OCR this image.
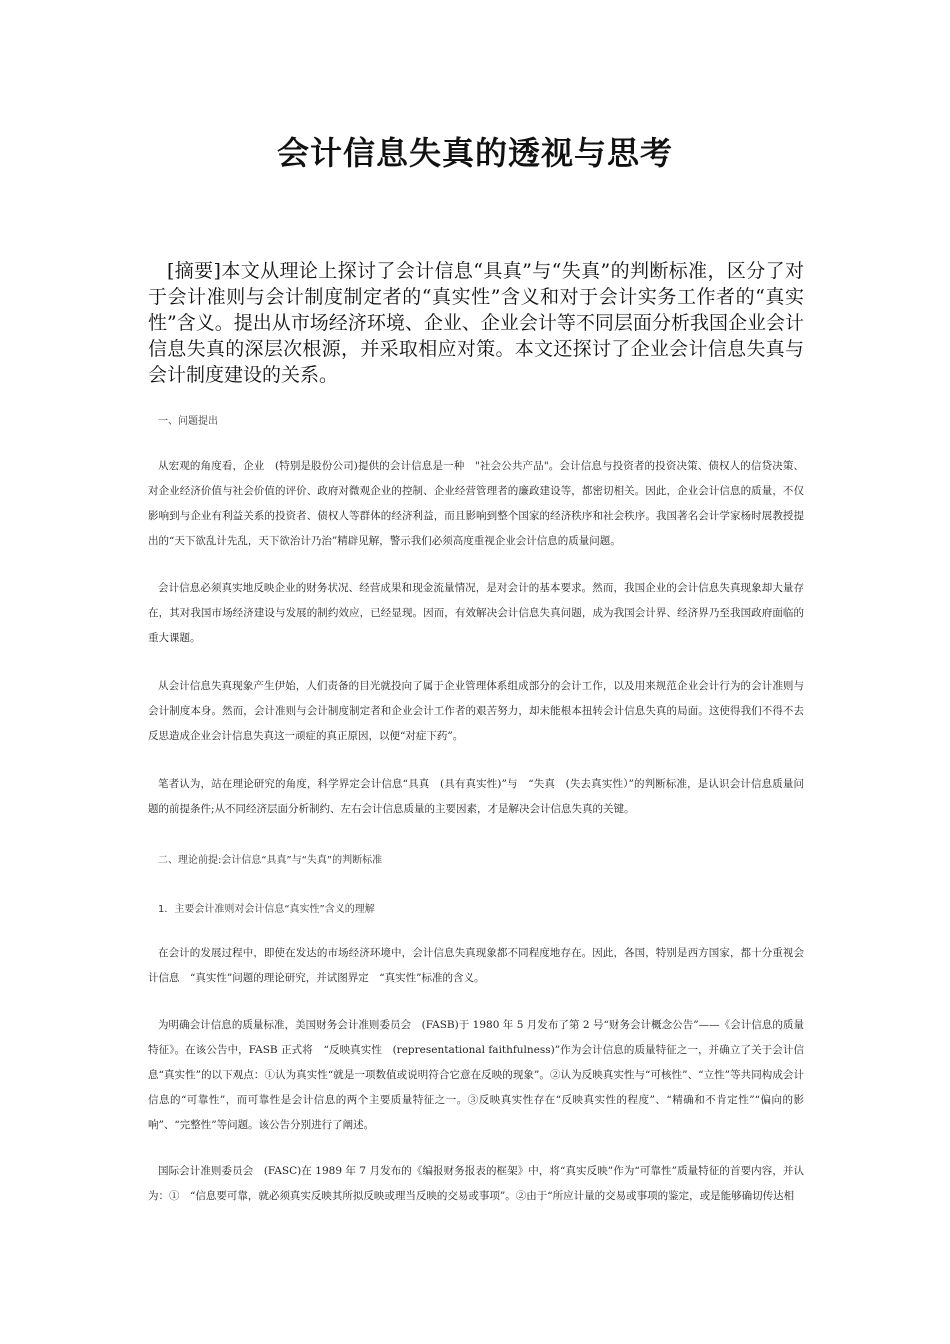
会计信息失真的透视与思考
[摘要]本文从理论上探讨了会计信息“具真”与“失真”的判断标准，区分了对于会计准则与会计制度制定者的“真实性”含义和对于会计实务工作者的“真实性”含义。提出从市场经济环境、企业、企业会计等不同层面分析我国企业会计信息失真的深层次根源，并采取相应对策。本文还探讨了企业会计信息失真与会计制度建设的关系。
一、问题提出
从宏观的角度看，企业　(特别是股份公司)提供的会计信息是一种　"社会公共产品"。会计信息与投资者的投资决策、债权人的信贷决策、对企业经济价值与社会价值的评价、政府对微观企业的控制、企业经营管理者的廉政建设等，都密切相关。因此，企业会计信息的质量，不仅影响到与企业有利益关系的投资者、债权人等群体的经济利益，而且影响到整个国家的经济秩序和社会秩序。我国著名会计学家杨时展教授提出的“天下欲乱计先乱，天下欲治计乃治”精辟见解，警示我们必须高度重视企业会计信息的质量问题。
会计信息必须真实地反映企业的财务状况、经营成果和现金流量情况，是对会计的基本要求。然而，我国企业的会计信息失真现象却大量存在，其对我国市场经济建设与发展的制约效应，已经显现。因而，有效解决会计信息失真问题，成为我国会计界、经济界乃至我国政府面临的重大课题。
从会计信息失真现象产生伊始，人们责备的目光就投向了属于企业管理体系组成部分的会计工作，以及用来规范企业会计行为的会计准则与会计制度本身。然而，会计准则与会计制度制定者和企业会计工作者的艰苦努力，却未能根本扭转会计信息失真的局面。这使得我们不得不去反思造成企业会计信息失真这一顽症的真正原因，以便“对症下药”。
笔者认为，站在理论研究的角度，科学界定会计信息“具真　(具有真实性)”与　“失真　(失去真实性）”的判断标准，是认识会计信息质量问题的前提条件;从不同经济层面分析制约、左右会计信息质量的主要因素，才是解决会计信息失真的关键。
二、理论前提:会计信息“具真”与“失真”的判断标准
1．主要会计准则对会计信息“真实性”含义的理解
在会计的发展过程中，即使在发达的市场经济环境中，会计信息失真现象都不同程度地存在。因此，各国，特别是西方国家，都十分重视会计信息　“真实性”问题的理论研究，并试图界定　“真实性”标准的含义。
为明确会计信息的质量标准，美国财务会计准则委员会　(FASB)于 1980 年 5 月发布了第 2 号“财务会计概念公告”——《会计信息的质量特征》。在该公告中，FASB 正式将　“反映真实性　(representational faithfulness)”作为会计信息的质量特征之一，并确立了关于会计信息“真实性”的以下观点：①认为真实性“就是一项数值或说明符合它意在反映的现象”。②认为反映真实性与“可核性”、“立性”等共同构成会计信息的“可靠性”，而可靠性是会计信息的两个主要质量特征之一。③反映真实性存在“反映真实性的程度”、“精确和不肯定性”“偏向的影响”、“完整性”等问题。该公告分别进行了阐述。
国际会计准则委员会　(FASC)在 1989 年 7 月发布的《编报财务报表的框架》中，将“真实反映”作为“可靠性”质量特征的首要内容，并认为：①　“信息要可靠，就必须真实反映其所拟反映或理当反映的交易或事项”。②由于“所应计量的交易或事项的鉴定，或是能够确切传达相
